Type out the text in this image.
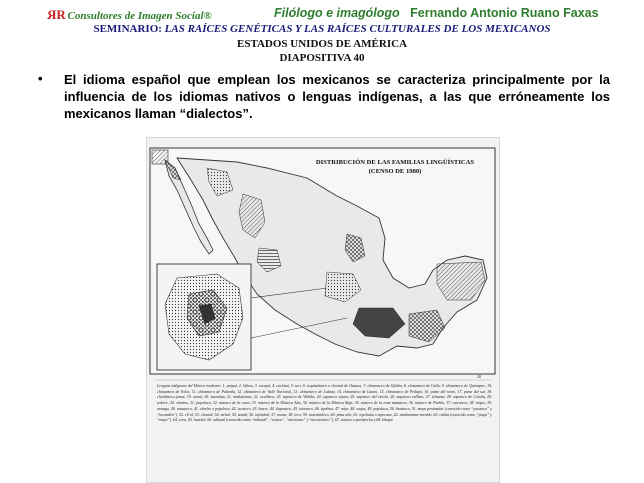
RR Consultores de Imagen Social®	Filólogo e imagólogo Fernando Antonio Ruano Faxas
SEMINARIO: LAS RAÍCES GENÉTICAS Y LAS RAÍCES CULTURALES DE LOS MEXICANOS
ESTADOS UNIDOS DE AMÉRICA
DIAPOSITIVA 40
• El idioma español que emplean los mexicanos se caracteriza principalmente por la influencia de los idiomas nativos o lenguas indígenas, a las que erróneamente los mexicanos llaman “dialectos”.
DISTRIBUCIÓN DE LAS FAMILIAS LINGÜÍSTICAS
(CENSO DE 1980)
20
Lenguas indígenas del México moderno: 1. paipai, 2. kiliwa, 3. cucapá, 4. cochimí, 5. seri, 6. tequistlateco o chontal de Oaxaca, 7. chinanteco de Ojitlán, 8. chinanteco de Usila, 9. chinanteco de Quiotepec, 10. chinanteco de Yolox, 11. chinanteco de Palantla, 12. chinanteco de Valle Nacional, 13. chinanteco de Lalana, 14. chinanteco de Latani, 15. chinanteco de Petlapa, 16. pame del norte, 17. pame del sur, 18. chichimeca jonaz, 19. otomí, 20. mazahua, 21. matlatzinca, 22. ocuilteco, 23. zapoteco de Villalta, 24. zapoteco vijano, 25. zapoteco del rincón, 26. zapoteco vallista, 27. tehuano, 28. zapoteco de Cuixtla, 29. soltece, 30. chatino, 31. popoloca, 32. mixteco de la costa, 33. mixteco de la Mixteca Alta, 34. mixteco de la Mixteca Baja, 35. mixteco de la zona mazateca, 36. mixteco de Puebla, 37. cuicateco, 38. trique, 39. amuzgo, 40. mazateco, 41. chocho o popoloca, 42. ixcateco, 43. huave, 44. tlapaneco, 45. totonaco, 46. tepehua, 47. mixe, 48. zoque, 49. popoluca, 50. huasteco, 51. maya peninsular (conocido como “yucateco” y “lacandón”), 52. ch’ol, 53. chontal, 54. tzeltal, 55. tzotzil, 56. tojolabal, 57. mame, 58. teco, 59. motozintleco, 60. pima alto, 61. tepehuán o tepecano, 62. tarahumara-varohío, 63. cahíta (conocido como “yaqui” y “mayo”), 64. cora, 65. huichol, 66. náhuatl (conocido como “náhuatl”, “azteca”, “mexicano” y “mexicanero”), 67. tarasco o purépecha y 68. kikapú
